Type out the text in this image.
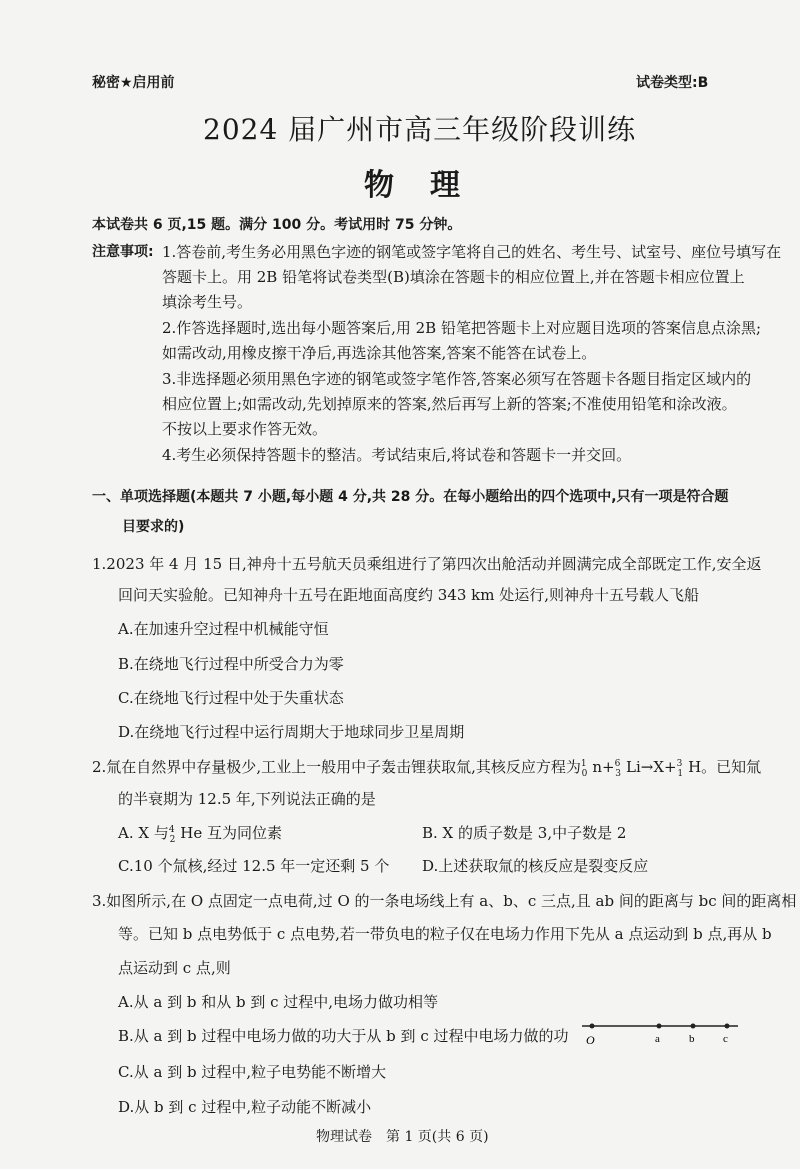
秘密★启用前	试卷类型:B
2024 届广州市高三年级阶段训练
物理
本试卷共 6 页,15 题。满分 100 分。考试用时 75 分钟。
注意事项: 1.答卷前,考生务必用黑色字迹的钢笔或签字笔将自己的姓名、考生号、试室号、座位号填写在
答题卡上。用 2B 铅笔将试卷类型(B)填涂在答题卡的相应位置上,并在答题卡相应位置上
填涂考生号。
2.作答选择题时,选出每小题答案后,用 2B 铅笔把答题卡上对应题目选项的答案信息点涂黑;
如需改动,用橡皮擦干净后,再选涂其他答案,答案不能答在试卷上。
3.非选择题必须用黑色字迹的钢笔或签字笔作答,答案必须写在答题卡各题目指定区域内的
相应位置上;如需改动,先划掉原来的答案,然后再写上新的答案;不准使用铅笔和涂改液。
不按以上要求作答无效。
4.考生必须保持答题卡的整洁。考试结束后,将试卷和答题卡一并交回。
一、单项选择题(本题共 7 小题,每小题 4 分,共 28 分。在每小题给出的四个选项中,只有一项是符合题
目要求的)
1.2023 年 4 月 15 日,神舟十五号航天员乘组进行了第四次出舱活动并圆满完成全部既定工作,安全返
回问天实验舱。已知神舟十五号在距地面高度约 343 km 处运行,则神舟十五号载人飞船
A.在加速升空过程中机械能守恒
B.在绕地飞行过程中所受合力为零
C.在绕地飞行过程中处于失重状态
D.在绕地飞行过程中运行周期大于地球同步卫星周期
2.氚在自然界中存量极少,工业上一般用中子轰击锂获取氚,其核反应方程为$^1_0$ n+$^6_3$ Li→X+$^3_1$ H。已知氚
的半衰期为 12.5 年,下列说法正确的是
A. X 与$^4_2$ He 互为同位素	B. X 的质子数是 3,中子数是 2
C.10 个氚核,经过 12.5 年一定还剩 5 个 D.上述获取氚的核反应是裂变反应
3.如图所示,在 O 点固定一点电荷,过 O 的一条电场线上有 a、b、c 三点,且 ab 间的距离与 bc 间的距离相
等。已知 b 点电势低于 c 点电势,若一带负电的粒子仅在电场力作用下先从 a 点运动到 b 点,再从 b
点运动到 c 点,则
A.从 a 到 b 和从 b 到 c 过程中,电场力做功相等
B.从 a 到 b 过程中电场力做的功大于从 b 到 c 过程中电场力做的功
C.从 a 到 b 过程中,粒子电势能不断增大
D.从 b 到 c 过程中,粒子动能不断减小
O	a	b	c
物理试卷　第 1 页(共 6 页)
